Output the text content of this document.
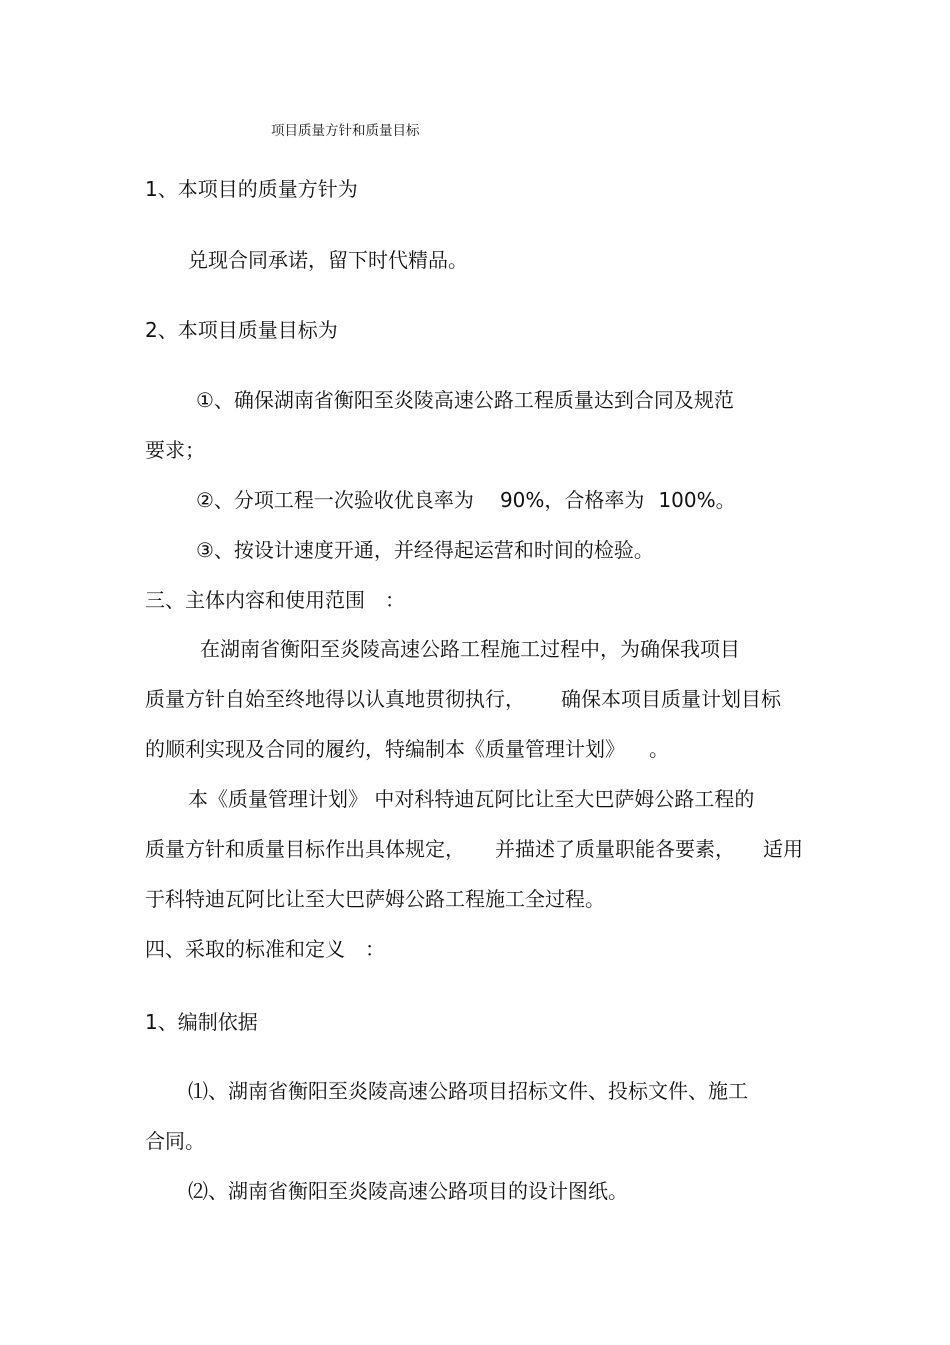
项目质量方针和质量目标
1、本项目的质量方针为
兑现合同承诺，留下时代精品。
2、本项目质量目标为
①、确保湖南省衡阳至炎陵高速公路工程质量达到合同及规范
要求；
②、分项工程一次验收优良率为 90%，合格率为 100%。
③、按设计速度开通，并经得起运营和时间的检验。
三、主体内容和使用范围 ：
在湖南省衡阳至炎陵高速公路工程施工过程中，为确保我项目
质量方针自始至终地得以认真地贯彻执行， 确保本项目质量计划目标
的顺利实现及合同的履约，特编制本《质量管理计划》 。
本《质量管理计划》 中对科特迪瓦阿比让至大巴萨姆公路工程的
质量方针和质量目标作出具体规定， 并描述了质量职能各要素， 适用
于科特迪瓦阿比让至大巴萨姆公路工程施工全过程。
四、采取的标准和定义 ：
1、编制依据
⑴、湖南省衡阳至炎陵高速公路项目招标文件、投标文件、施工
合同。
⑵、湖南省衡阳至炎陵高速公路项目的设计图纸。
